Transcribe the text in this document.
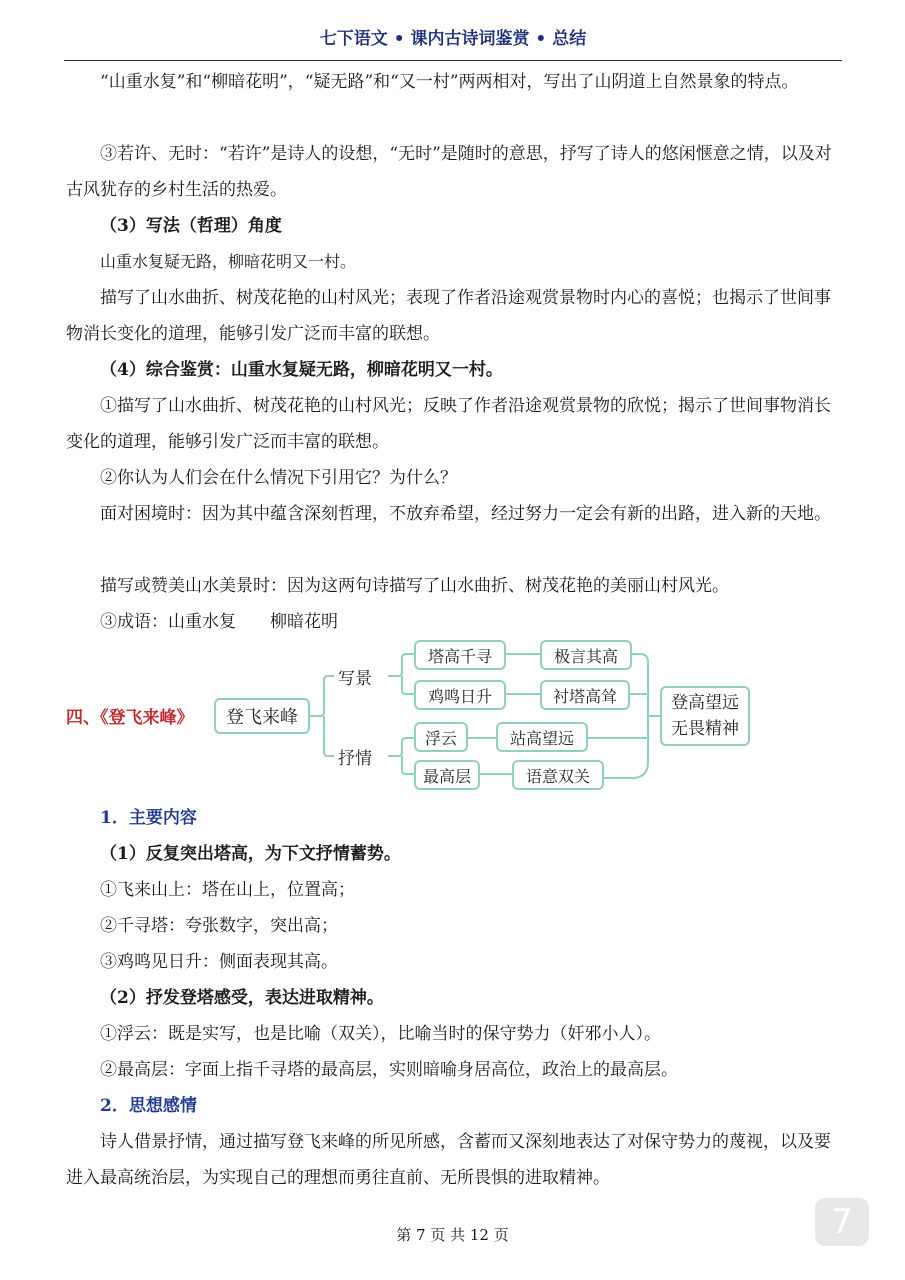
七下语文 • 课内古诗词鉴赏 • 总结
“山重水复”和“柳暗花明”，“疑无路”和“又一村”两两相对，写出了山阴道上自然景象的特点。
③若许、无时：“若许”是诗人的设想，“无时”是随时的意思，抒写了诗人的悠闲惬意之情，以及对古风犹存的乡村生活的热爱。
（3）写法（哲理）角度
山重水复疑无路，柳暗花明又一村。
描写了山水曲折、树茂花艳的山村风光；表现了作者沿途观赏景物时内心的喜悦；也揭示了世间事物消长变化的道理，能够引发广泛而丰富的联想。
（4）综合鉴赏：山重水复疑无路，柳暗花明又一村。
①描写了山水曲折、树茂花艳的山村风光；反映了作者沿途观赏景物的欣悦；揭示了世间事物消长变化的道理，能够引发广泛而丰富的联想。
②你认为人们会在什么情况下引用它？为什么？
面对困境时：因为其中蕴含深刻哲理，不放弃希望，经过努力一定会有新的出路，进入新的天地。
描写或赞美山水美景时：因为这两句诗描写了山水曲折、树茂花艳的美丽山村风光。
③成语：山重水复　　柳暗花明
四、《登飞来峰》	登飞来峰
写景
抒情
塔高千寻	极言其高
鸡鸣日升	衬塔高耸
浮云	站高望远
最高层	语意双关
登高望远
无畏精神
1．主要内容
（1）反复突出塔高，为下文抒情蓄势。
①飞来山上：塔在山上，位置高；
②千寻塔：夸张数字，突出高；
③鸡鸣见日升：侧面表现其高。
（2）抒发登塔感受，表达进取精神。
①浮云：既是实写，也是比喻（双关），比喻当时的保守势力（奸邪小人）。
②最高层：字面上指千寻塔的最高层，实则暗喻身居高位，政治上的最高层。
2．思想感情
诗人借景抒情，通过描写登飞来峰的所见所感，含蓄而又深刻地表达了对保守势力的蔑视，以及要进入最高统治层，为实现自己的理想而勇往直前、无所畏惧的进取精神。
第 7 页 共 12 页	7
